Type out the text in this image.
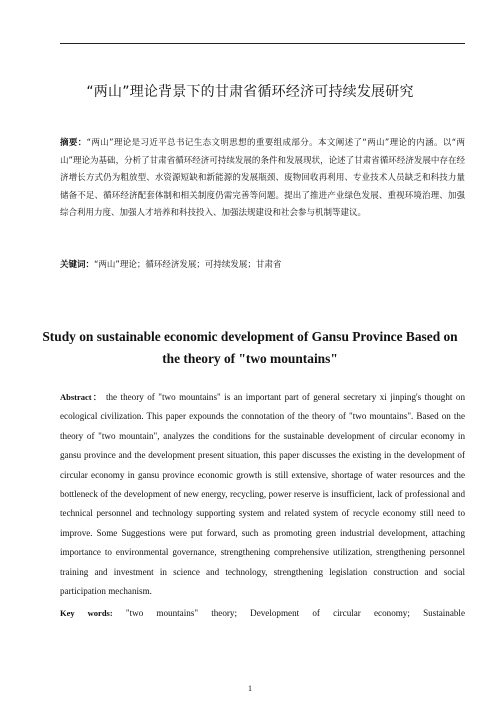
“两山”理论背景下的甘肃省循环经济可持续发展研究
摘要：“两山”理论是习近平总书记生态文明思想的重要组成部分。本文阐述了“两山”理论的内涵。以“两山”理论为基础，分析了甘肃省循环经济可持续发展的条件和发展现状，论述了甘肃省循环经济发展中存在经济增长方式仍为粗放型、水资源短缺和新能源的发展瓶颈、废物回收再利用、专业技术人员缺乏和科技力量储备不足、循环经济配套体制和相关制度仍需完善等问题。提出了推进产业绿色发展、重视环境治理、加强综合利用力度、加强人才培养和科技投入、加强法规建设和社会参与机制等建议。
关键词：“两山”理论；循环经济发展；可持续发展；甘肃省
Study on sustainable economic development of Gansu Province Based on the theory of "two mountains"
Abstract： the theory of "two mountains" is an important part of general secretary xi jinping's thought on ecological civilization. This paper expounds the connotation of the theory of "two mountains". Based on the theory of "two mountain", analyzes the conditions for the sustainable development of circular economy in gansu province and the development present situation, this paper discusses the existing in the development of circular economy in gansu province economic growth is still extensive, shortage of water resources and the bottleneck of the development of new energy, recycling, power reserve is insufficient, lack of professional and technical personnel and technology supporting system and related system of recycle economy still need to improve. Some Suggestions were put forward, such as promoting green industrial development, attaching importance to environmental governance, strengthening comprehensive utilization, strengthening personnel training and investment in science and technology, strengthening legislation construction and social participation mechanism.
Key words: "two mountains" theory; Development of circular economy; Sustainable
1
